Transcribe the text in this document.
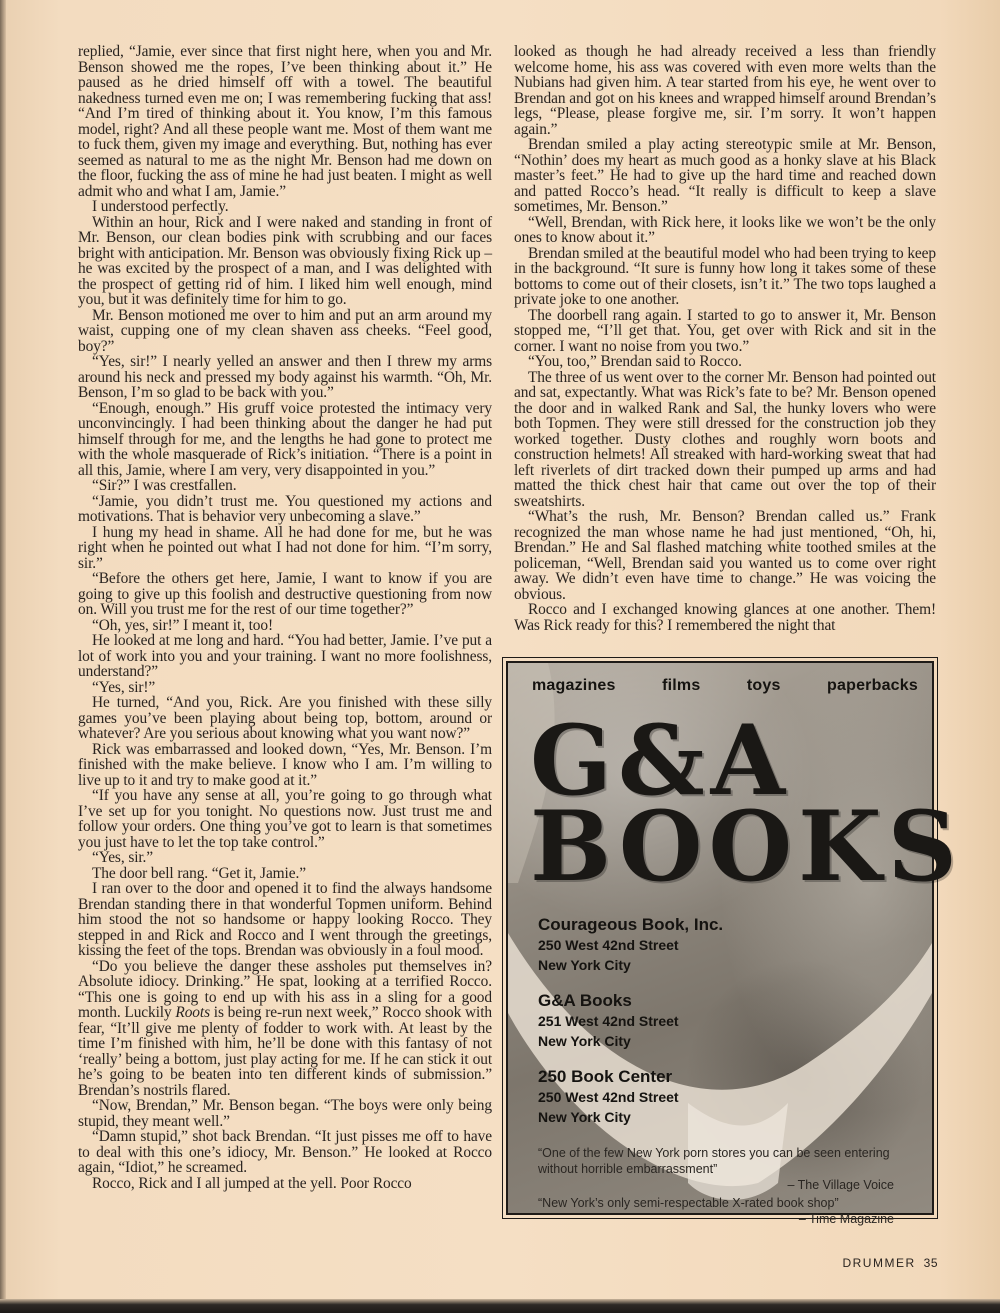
replied, “Jamie, ever since that first night here, when you and Mr. Benson showed me the ropes, I’ve been thinking about it.” He paused as he dried himself off with a towel. The beautiful nakedness turned even me on; I was remembering fucking that ass! “And I’m tired of thinking about it. You know, I’m this famous model, right? And all these people want me. Most of them want me to fuck them, given my image and everything. But, nothing has ever seemed as natural to me as the night Mr. Benson had me down on the floor, fucking the ass of mine he had just beaten. I might as well admit who and what I am, Jamie.”

I understood perfectly.

Within an hour, Rick and I were naked and standing in front of Mr. Benson, our clean bodies pink with scrubbing and our faces bright with anticipation. Mr. Benson was obviously fixing Rick up – he was excited by the prospect of a man, and I was delighted with the prospect of getting rid of him. I liked him well enough, mind you, but it was definitely time for him to go.

Mr. Benson motioned me over to him and put an arm around my waist, cupping one of my clean shaven ass cheeks. “Feel good, boy?”

“Yes, sir!” I nearly yelled an answer and then I threw my arms around his neck and pressed my body against his warmth. “Oh, Mr. Benson, I’m so glad to be back with you.”

“Enough, enough.” His gruff voice protested the intimacy very unconvincingly. I had been thinking about the danger he had put himself through for me, and the lengths he had gone to protect me with the whole masquerade of Rick’s initiation. “There is a point in all this, Jamie, where I am very, very disappointed in you.”

“Sir?” I was crestfallen.

“Jamie, you didn’t trust me. You questioned my actions and motivations. That is behavior very unbecoming a slave.”

I hung my head in shame. All he had done for me, but he was right when he pointed out what I had not done for him. “I’m sorry, sir.”

“Before the others get here, Jamie, I want to know if you are going to give up this foolish and destructive questioning from now on. Will you trust me for the rest of our time together?”

“Oh, yes, sir!” I meant it, too!

He looked at me long and hard. “You had better, Jamie. I’ve put a lot of work into you and your training. I want no more foolishness, understand?”

“Yes, sir!”

He turned, “And you, Rick. Are you finished with these silly games you’ve been playing about being top, bottom, around or whatever? Are you serious about knowing what you want now?”

Rick was embarrassed and looked down, “Yes, Mr. Benson. I’m finished with the make believe. I know who I am. I’m willing to live up to it and try to make good at it.”

“If you have any sense at all, you’re going to go through what I’ve set up for you tonight. No questions now. Just trust me and follow your orders. One thing you’ve got to learn is that sometimes you just have to let the top take control.”

“Yes, sir.”

The door bell rang. “Get it, Jamie.”

I ran over to the door and opened it to find the always handsome Brendan standing there in that wonderful Topmen uniform. Behind him stood the not so handsome or happy looking Rocco. They stepped in and Rick and Rocco and I went through the greetings, kissing the feet of the tops. Brendan was obviously in a foul mood.

“Do you believe the danger these assholes put themselves in? Absolute idiocy. Drinking.” He spat, looking at a terrified Rocco. “This one is going to end up with his ass in a sling for a good month. Luckily Roots is being re-run next week,” Rocco shook with fear, “It’ll give me plenty of fodder to work with. At least by the time I’m finished with him, he’ll be done with this fantasy of not ‘really’ being a bottom, just play acting for me. If he can stick it out he’s going to be beaten into ten different kinds of submission.” Brendan’s nostrils flared.

“Now, Brendan,” Mr. Benson began. “The boys were only being stupid, they meant well.”

“Damn stupid,” shot back Brendan. “It just pisses me off to have to deal with this one’s idiocy, Mr. Benson.” He looked at Rocco again, “Idiot,” he screamed.

Rocco, Rick and I all jumped at the yell. Poor Rocco

looked as though he had already received a less than friendly welcome home, his ass was covered with even more welts than the Nubians had given him. A tear started from his eye, he went over to Brendan and got on his knees and wrapped himself around Brendan’s legs, “Please, please forgive me, sir. I’m sorry. It won’t happen again.”

Brendan smiled a play acting stereotypic smile at Mr. Benson, “Nothin’ does my heart as much good as a honky slave at his Black master’s feet.” He had to give up the hard time and reached down and patted Rocco’s head. “It really is difficult to keep a slave sometimes, Mr. Benson.”

“Well, Brendan, with Rick here, it looks like we won’t be the only ones to know about it.”

Brendan smiled at the beautiful model who had been trying to keep in the background. “It sure is funny how long it takes some of these bottoms to come out of their closets, isn’t it.” The two tops laughed a private joke to one another.

The doorbell rang again. I started to go to answer it, Mr. Benson stopped me, “I’ll get that. You, get over with Rick and sit in the corner. I want no noise from you two.”

“You, too,” Brendan said to Rocco.

The three of us went over to the corner Mr. Benson had pointed out and sat, expectantly. What was Rick’s fate to be? Mr. Benson opened the door and in walked Rank and Sal, the hunky lovers who were both Topmen. They were still dressed for the construction job they worked together. Dusty clothes and roughly worn boots and construction helmets! All streaked with hard-working sweat that had left riverlets of dirt tracked down their pumped up arms and had matted the thick chest hair that came out over the top of their sweatshirts.

“What’s the rush, Mr. Benson? Brendan called us.” Frank recognized the man whose name he had just mentioned, “Oh, hi, Brendan.” He and Sal flashed matching white toothed smiles at the policeman, “Well, Brendan said you wanted us to come over right away. We didn’t even have time to change.” He was voicing the obvious.

Rocco and I exchanged knowing glances at one another. Them! Was Rick ready for this? I remembered the night that

magazines	films	toys	paperbacks
G&A
BOOKS
Courageous Book, Inc.
250 West 42nd Street
New York City
G&A Books
251 West 42nd Street
New York City
250 Book Center
250 West 42nd Street
New York City
“One of the few New York porn stores you can be seen entering without horrible embarrassment”
– The Village Voice
“New York’s only semi-respectable X-rated book shop”
– Time Magazine
DRUMMER 35
